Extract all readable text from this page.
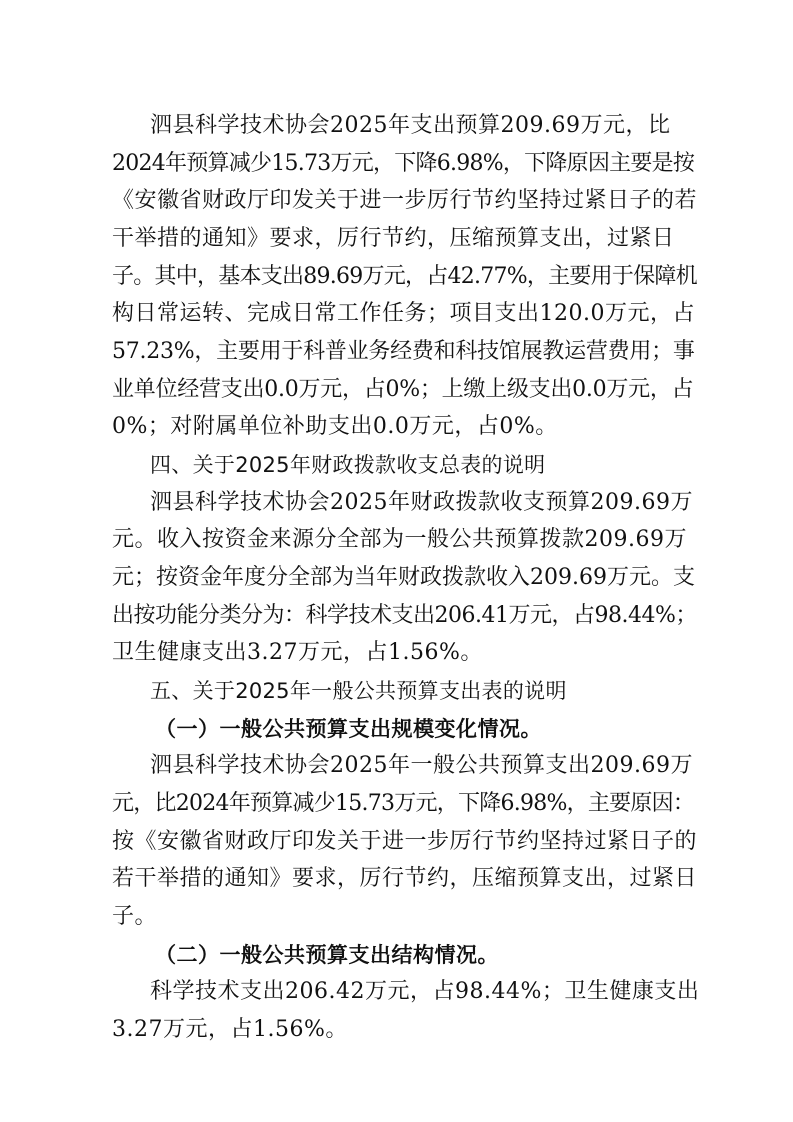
泗县科学技术协会2025年支出预算209.69万元，比

2024年预算减少15.73万元，下降6.98%，下降原因主要是按

《安徽省财政厅印发关于进一步厉行节约坚持过紧日子的若

干举措的通知》要求，厉行节约，压缩预算支出，过紧日

子。其中，基本支出89.69万元，占42.77%，主要用于保障机

构日常运转、完成日常工作任务；项目支出120.0万元，占

57.23%，主要用于科普业务经费和科技馆展教运营费用；事

业单位经营支出0.0万元，占0%；上缴上级支出0.0万元，占

0%；对附属单位补助支出0.0万元，占0%。

四、关于2025年财政拨款收支总表的说明

泗县科学技术协会2025年财政拨款收支预算209.69万

元。收入按资金来源分全部为一般公共预算拨款209.69万

元；按资金年度分全部为当年财政拨款收入209.69万元。支

出按功能分类分为：科学技术支出206.41万元，占98.44%；

卫生健康支出3.27万元，占1.56%。

五、关于2025年一般公共预算支出表的说明

（一）一般公共预算支出规模变化情况。

泗县科学技术协会2025年一般公共预算支出209.69万

元，比2024年预算减少15.73万元，下降6.98%，主要原因：

按《安徽省财政厅印发关于进一步厉行节约坚持过紧日子的

若干举措的通知》要求，厉行节约，压缩预算支出，过紧日

子。

（二）一般公共预算支出结构情况。

科学技术支出206.42万元，占98.44%；卫生健康支出

3.27万元，占1.56%。
